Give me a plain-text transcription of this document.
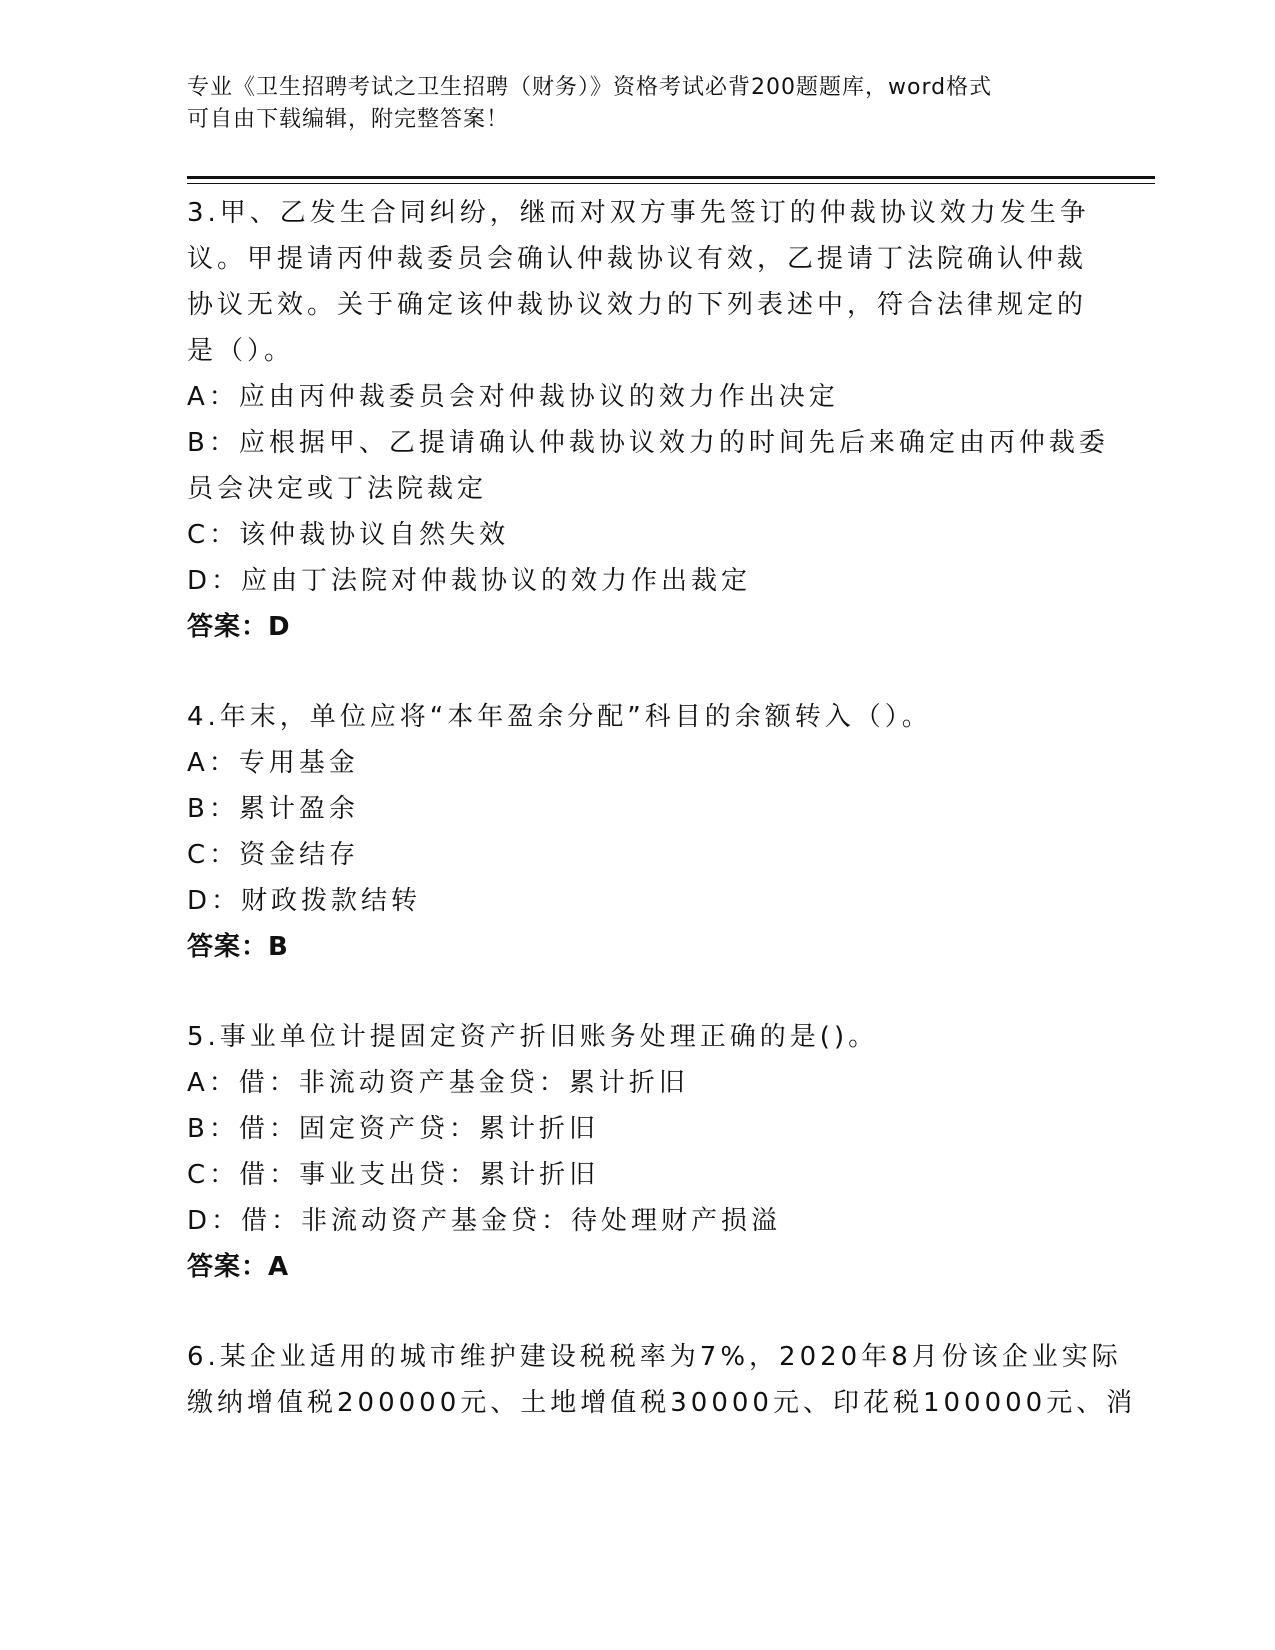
专业《卫生招聘考试之卫生招聘（财务）》资格考试必背200题题库，word格式
可自由下载编辑，附完整答案！
3.甲、乙发生合同纠纷，继而对双方事先签订的仲裁协议效力发生争
议。甲提请丙仲裁委员会确认仲裁协议有效，乙提请丁法院确认仲裁
协议无效。关于确定该仲裁协议效力的下列表述中，符合法律规定的
是（）。
A：应由丙仲裁委员会对仲裁协议的效力作出决定
B：应根据甲、乙提请确认仲裁协议效力的时间先后来确定由丙仲裁委
员会决定或丁法院裁定
C：该仲裁协议自然失效
D：应由丁法院对仲裁协议的效力作出裁定
答案：D
4.年末，单位应将“本年盈余分配”科目的余额转入（）。
A：专用基金
B：累计盈余
C：资金结存
D：财政拨款结转
答案：B
5.事业单位计提固定资产折旧账务处理正确的是()。
A：借：非流动资产基金贷：累计折旧
B：借：固定资产贷：累计折旧
C：借：事业支出贷：累计折旧
D：借：非流动资产基金贷：待处理财产损溢
答案：A
6.某企业适用的城市维护建设税税率为7%，2020年8月份该企业实际
缴纳增值税200000元、土地增值税30000元、印花税100000元、消
